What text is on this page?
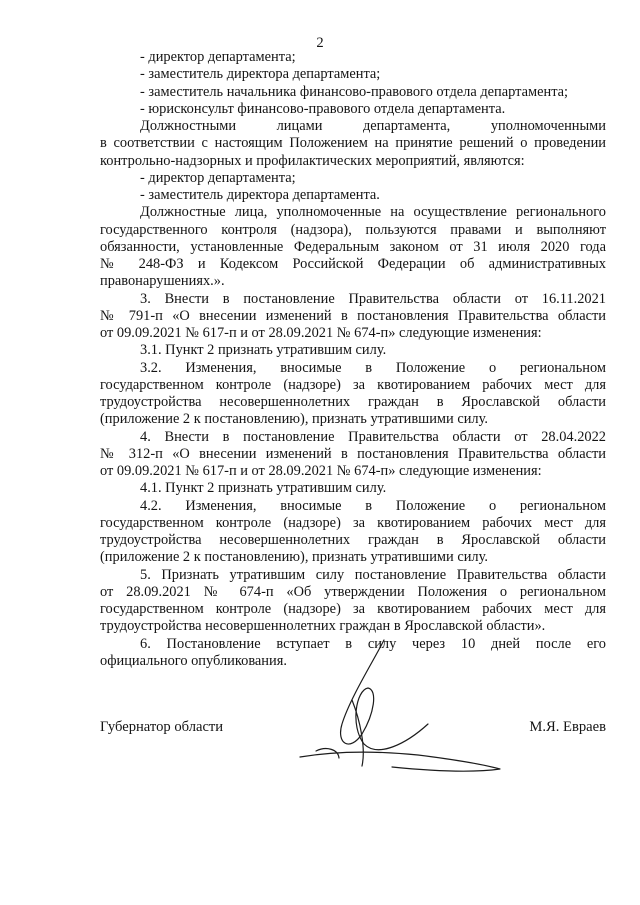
2
- директор департамента;
- заместитель директора департамента;
- заместитель начальника финансово-правового отдела департамента;
- юрисконсульт финансово-правового отдела департамента.
Должностными лицами департамента, уполномоченными
в соответствии с настоящим Положением на принятие решений о проведении
контрольно-надзорных и профилактических мероприятий, являются:
- директор департамента;
- заместитель директора департамента.
Должностные лица, уполномоченные на осуществление регионального
государственного контроля (надзора), пользуются правами и выполняют
обязанности, установленные Федеральным законом от 31 июля 2020 года
№ 248-ФЗ и Кодексом Российской Федерации об административных
правонарушениях.».
3. Внести в постановление Правительства области от 16.11.2021
№ 791-п «О внесении изменений в постановления Правительства области
от 09.09.2021 № 617-п и от 28.09.2021 № 674-п» следующие изменения:
3.1. Пункт 2 признать утратившим силу.
3.2. Изменения, вносимые в Положение о региональном
государственном контроле (надзоре) за квотированием рабочих мест для
трудоустройства несовершеннолетних граждан в Ярославской области
(приложение 2 к постановлению), признать утратившими силу.
4. Внести в постановление Правительства области от 28.04.2022
№ 312-п «О внесении изменений в постановления Правительства области
от 09.09.2021 № 617-п и от 28.09.2021 № 674-п» следующие изменения:
4.1. Пункт 2 признать утратившим силу.
4.2. Изменения, вносимые в Положение о региональном
государственном контроле (надзоре) за квотированием рабочих мест для
трудоустройства несовершеннолетних граждан в Ярославской области
(приложение 2 к постановлению), признать утратившими силу.
5. Признать утратившим силу постановление Правительства области
от 28.09.2021 № 674-п «Об утверждении Положения о региональном
государственном контроле (надзоре) за квотированием рабочих мест для
трудоустройства несовершеннолетних граждан в Ярославской области».
6. Постановление вступает в силу через 10 дней после его
официального опубликования.
Губернатор области	М.Я. Евраев
